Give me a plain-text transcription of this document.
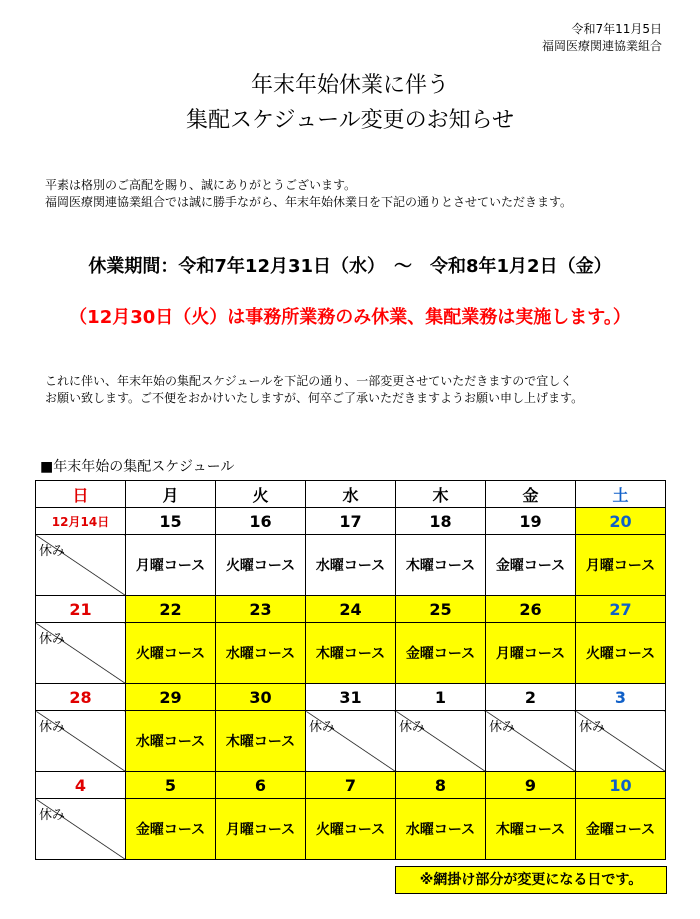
令和7年11月5日
福岡医療関連協業組合
年末年始休業に伴う
集配スケジュール変更のお知らせ
平素は格別のご高配を賜り、誠にありがとうございます。
福岡医療関連協業組合では誠に勝手ながら、年末年始休業日を下記の通りとさせていただきます。
休業期間：令和7年12月31日（水）　～　令和8年1月2日（金）
（12月30日（火）は事務所業務のみ休業、集配業務は実施します。）
これに伴い、年末年始の集配スケジュールを下記の通り、一部変更させていただきますので宜しく
お願い致します。ご不便をおかけいたしますが、何卒ご了承いただきますようお願い申し上げます。
■年末年始の集配スケジュール
日	月	火	水	木	金	土
12月14日	15	16	17	18	19	20

休み	月曜コース	火曜コース	水曜コース	木曜コース	金曜コース	月曜コース
21	22	23	24	25	26	27

休み	火曜コース	水曜コース	木曜コース	金曜コース	月曜コース	火曜コース
28	29	30	31	1	2	3

休み	水曜コース	木曜コース	休み	休み	休み	休み

4	5	6	7	8	9	10

休み	金曜コース	月曜コース	火曜コース	水曜コース	木曜コース	金曜コース
※網掛け部分が変更になる日です。
